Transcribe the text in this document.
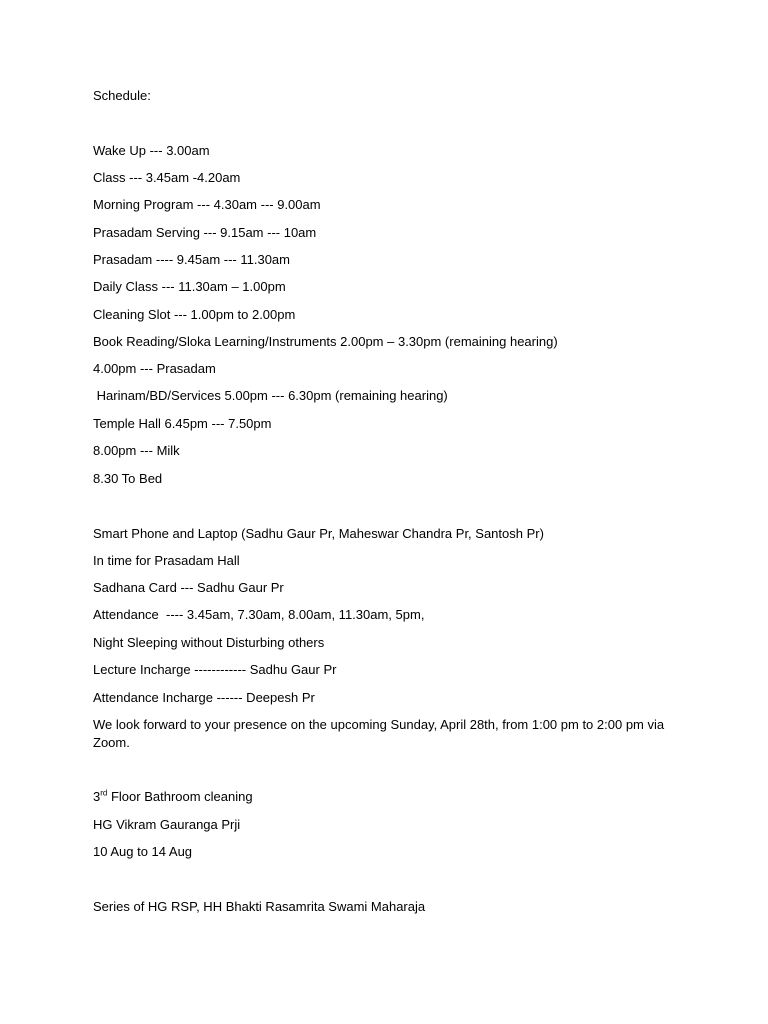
Schedule:
Wake Up --- 3.00am
Class --- 3.45am -4.20am
Morning Program --- 4.30am --- 9.00am
Prasadam Serving --- 9.15am --- 10am
Prasadam ---- 9.45am --- 11.30am
Daily Class --- 11.30am – 1.00pm
Cleaning Slot --- 1.00pm to 2.00pm
Book Reading/Sloka Learning/Instruments 2.00pm – 3.30pm (remaining hearing)
4.00pm --- Prasadam
Harinam/BD/Services 5.00pm --- 6.30pm (remaining hearing)
Temple Hall 6.45pm --- 7.50pm
8.00pm --- Milk
8.30 To Bed
Smart Phone and Laptop (Sadhu Gaur Pr, Maheswar Chandra Pr, Santosh Pr)
In time for Prasadam Hall
Sadhana Card --- Sadhu Gaur Pr
Attendance  ---- 3.45am, 7.30am, 8.00am, 11.30am, 5pm,
Night Sleeping without Disturbing others
Lecture Incharge ------------ Sadhu Gaur Pr
Attendance Incharge ------ Deepesh Pr
We look forward to your presence on the upcoming Sunday, April 28th, from 1:00 pm to 2:00 pm via Zoom.
3rd Floor Bathroom cleaning
HG Vikram Gauranga Prji
10 Aug to 14 Aug
Series of HG RSP, HH Bhakti Rasamrita Swami Maharaja
